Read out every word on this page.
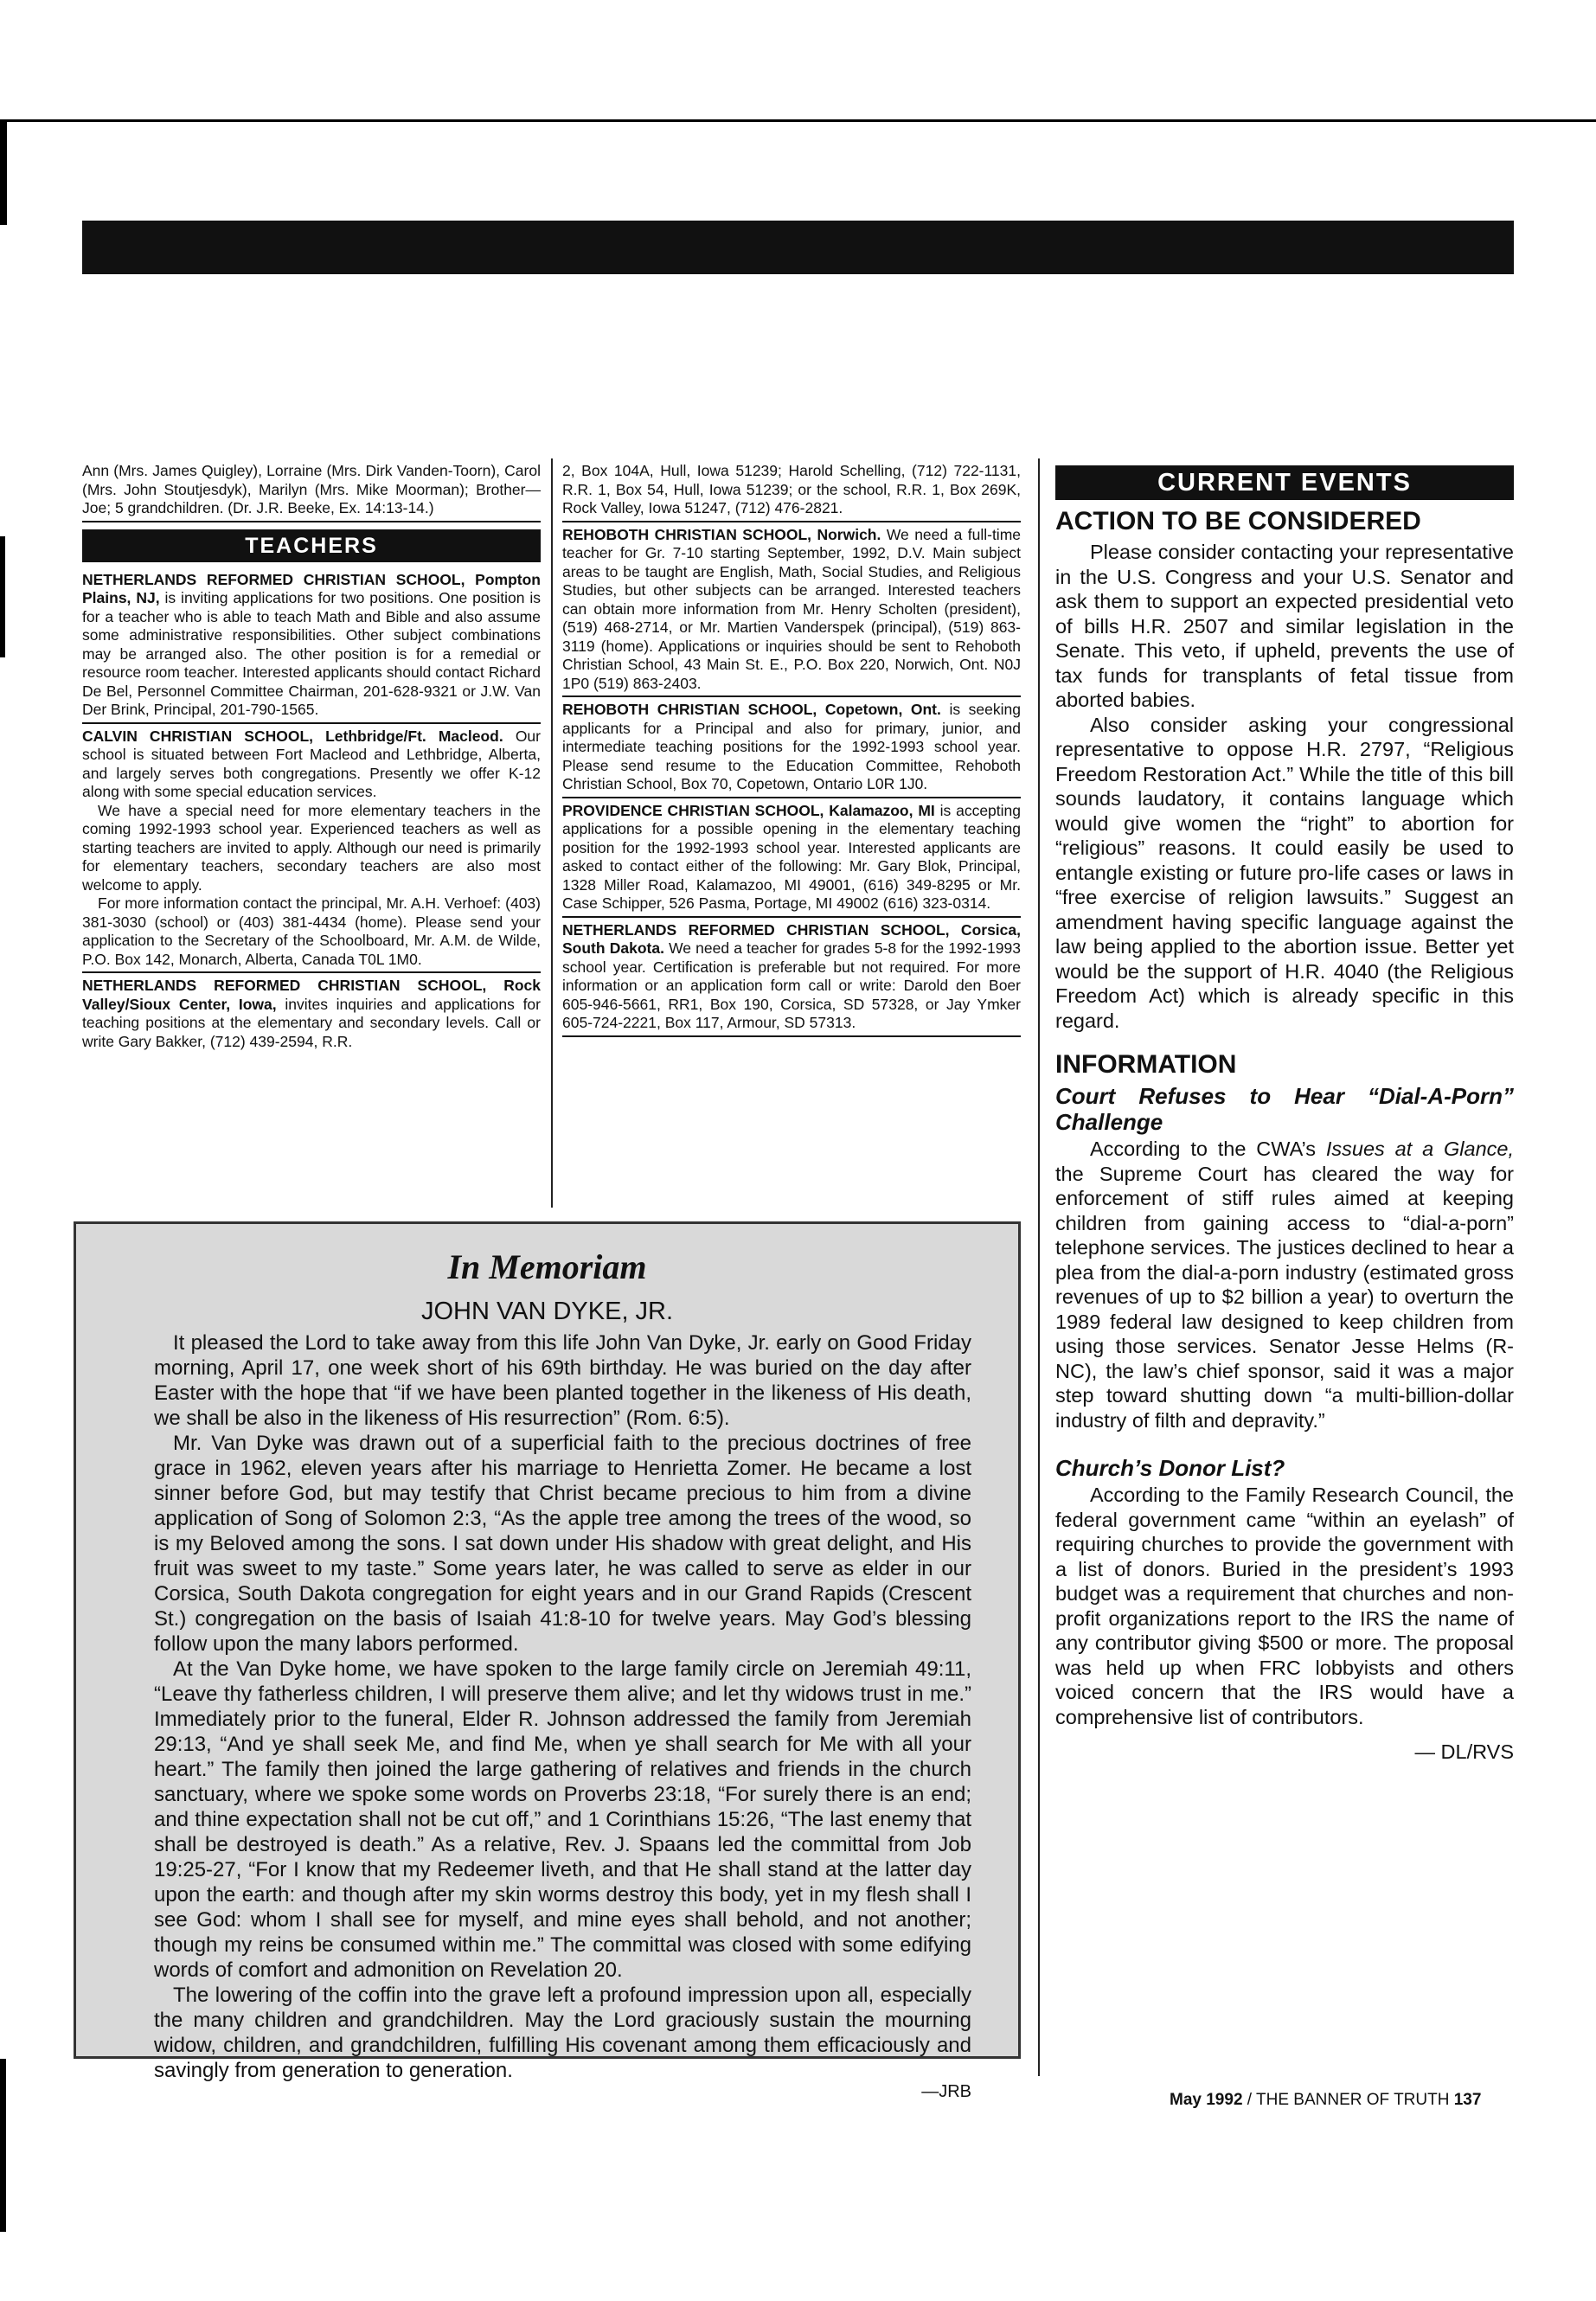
Ann (Mrs. James Quigley), Lorraine (Mrs. Dirk Vanden-Toorn), Carol (Mrs. John Stoutjesdyk), Marilyn (Mrs. Mike Moorman); Brother—Joe; 5 grandchildren. (Dr. J.R. Beeke, Ex. 14:13-14.)

TEACHERS

NETHERLANDS REFORMED CHRISTIAN SCHOOL, Pompton Plains, NJ, is inviting applications for two positions. One position is for a teacher who is able to teach Math and Bible and also assume some administrative responsibilities. Other subject combinations may be arranged also. The other position is for a remedial or resource room teacher. Interested applicants should contact Richard De Bel, Personnel Committee Chairman, 201-628-9321 or J.W. Van Der Brink, Principal, 201-790-1565.

CALVIN CHRISTIAN SCHOOL, Lethbridge/Ft. Macleod. Our school is situated between Fort Macleod and Lethbridge, Alberta, and largely serves both congregations. Presently we offer K-12 along with some special education services.

We have a special need for more elementary teachers in the coming 1992-1993 school year. Experienced teachers as well as starting teachers are invited to apply. Although our need is primarily for elementary teachers, secondary teachers are also most welcome to apply.

For more information contact the principal, Mr. A.H. Verhoef: (403) 381-3030 (school) or (403) 381-4434 (home). Please send your application to the Secretary of the Schoolboard, Mr. A.M. de Wilde, P.O. Box 142, Monarch, Alberta, Canada T0L 1M0.

NETHERLANDS REFORMED CHRISTIAN SCHOOL, Rock Valley/Sioux Center, Iowa, invites inquiries and applications for teaching positions at the elementary and secondary levels. Call or write Gary Bakker, (712) 439-2594, R.R.

2, Box 104A, Hull, Iowa 51239; Harold Schelling, (712) 722-1131, R.R. 1, Box 54, Hull, Iowa 51239; or the school, R.R. 1, Box 269K, Rock Valley, Iowa 51247, (712) 476-2821.

REHOBOTH CHRISTIAN SCHOOL, Norwich. We need a full-time teacher for Gr. 7-10 starting September, 1992, D.V. Main subject areas to be taught are English, Math, Social Studies, and Religious Studies, but other subjects can be arranged. Interested teachers can obtain more information from Mr. Henry Scholten (president), (519) 468-2714, or Mr. Martien Vanderspek (principal), (519) 863-3119 (home). Applications or inquiries should be sent to Rehoboth Christian School, 43 Main St. E., P.O. Box 220, Norwich, Ont. N0J 1P0 (519) 863-2403.

REHOBOTH CHRISTIAN SCHOOL, Copetown, Ont. is seeking applicants for a Principal and also for primary, junior, and intermediate teaching positions for the 1992-1993 school year. Please send resume to the Education Committee, Rehoboth Christian School, Box 70, Copetown, Ontario L0R 1J0.

PROVIDENCE CHRISTIAN SCHOOL, Kalamazoo, MI is accepting applications for a possible opening in the elementary teaching position for the 1992-1993 school year. Interested applicants are asked to contact either of the following: Mr. Gary Blok, Principal, 1328 Miller Road, Kalamazoo, MI 49001, (616) 349-8295 or Mr. Case Schipper, 526 Pasma, Portage, MI 49002 (616) 323-0314.

NETHERLANDS REFORMED CHRISTIAN SCHOOL, Corsica, South Dakota. We need a teacher for grades 5-8 for the 1992-1993 school year. Certification is preferable but not required. For more information or an application form call or write: Darold den Boer 605-946-5661, RR1, Box 190, Corsica, SD 57328, or Jay Ymker 605-724-2221, Box 117, Armour, SD 57313.

CURRENT EVENTS
ACTION TO BE CONSIDERED

Please consider contacting your representative in the U.S. Congress and your U.S. Senator and ask them to support an expected presidential veto of bills H.R. 2507 and similar legislation in the Senate. This veto, if upheld, prevents the use of tax funds for transplants of fetal tissue from aborted babies.

Also consider asking your congressional representative to oppose H.R. 2797, “Religious Freedom Restoration Act.” While the title of this bill sounds laudatory, it contains language which would give women the “right” to abortion for “religious” reasons. It could easily be used to entangle existing or future pro-life cases or laws in “free exercise of religion lawsuits.” Suggest an amendment having specific language against the law being applied to the abortion issue. Better yet would be the support of H.R. 4040 (the Religious Freedom Act) which is already specific in this regard.

INFORMATION
Court Refuses to Hear “Dial-A-Porn” Challenge

According to the CWA’s Issues at a Glance, the Supreme Court has cleared the way for enforcement of stiff rules aimed at keeping children from gaining access to “dial-a-porn” telephone services. The justices declined to hear a plea from the dial-a-porn industry (estimated gross revenues of up to $2 billion a year) to overturn the 1989 federal law designed to keep children from using those services. Senator Jesse Helms (R-NC), the law’s chief sponsor, said it was a major step toward shutting down “a multi-billion-dollar industry of filth and depravity.”

Church’s Donor List?

According to the Family Research Council, the federal government came “within an eyelash” of requiring churches to provide the government with a list of donors. Buried in the president’s 1993 budget was a requirement that churches and non-profit organizations report to the IRS the name of any contributor giving $500 or more. The proposal was held up when FRC lobbyists and others voiced concern that the IRS would have a comprehensive list of contributors.

— DL/RVS
In Memoriam
JOHN VAN DYKE, JR.

It pleased the Lord to take away from this life John Van Dyke, Jr. early on Good Friday morning, April 17, one week short of his 69th birthday. He was buried on the day after Easter with the hope that “if we have been planted together in the likeness of His death, we shall be also in the likeness of His resurrection” (Rom. 6:5).

Mr. Van Dyke was drawn out of a superficial faith to the precious doctrines of free grace in 1962, eleven years after his marriage to Henrietta Zomer. He became a lost sinner before God, but may testify that Christ became precious to him from a divine application of Song of Solomon 2:3, “As the apple tree among the trees of the wood, so is my Beloved among the sons. I sat down under His shadow with great delight, and His fruit was sweet to my taste.” Some years later, he was called to serve as elder in our Corsica, South Dakota congregation for eight years and in our Grand Rapids (Crescent St.) congregation on the basis of Isaiah 41:8-10 for twelve years. May God’s blessing follow upon the many labors performed.

At the Van Dyke home, we have spoken to the large family circle on Jeremiah 49:11, “Leave thy fatherless children, I will preserve them alive; and let thy widows trust in me.” Immediately prior to the funeral, Elder R. Johnson addressed the family from Jeremiah 29:13, “And ye shall seek Me, and find Me, when ye shall search for Me with all your heart.” The family then joined the large gathering of relatives and friends in the church sanctuary, where we spoke some words on Proverbs 23:18, “For surely there is an end; and thine expectation shall not be cut off,” and 1 Corinthians 15:26, “The last enemy that shall be destroyed is death.” As a relative, Rev. J. Spaans led the committal from Job 19:25-27, “For I know that my Redeemer liveth, and that He shall stand at the latter day upon the earth: and though after my skin worms destroy this body, yet in my flesh shall I see God: whom I shall see for myself, and mine eyes shall behold, and not another; though my reins be consumed within me.” The committal was closed with some edifying words of comfort and admonition on Revelation 20.

The lowering of the coffin into the grave left a profound impression upon all, especially the many children and grandchildren. May the Lord graciously sustain the mourning widow, children, and grandchildren, fulfilling His covenant among them efficaciously and savingly from generation to generation.

—JRB	May 1992 / THE BANNER OF TRUTH 137
